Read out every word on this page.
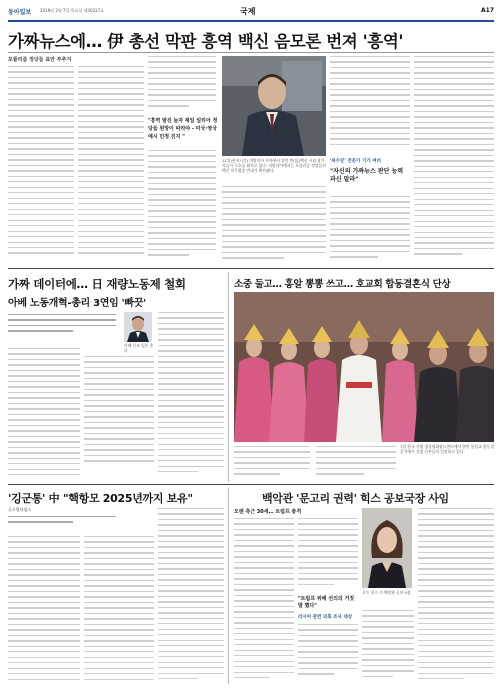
동아일보 2019년 2월 7일 목요일 제30337호	국제	A17
가짜뉴스에… 伊 총선 막판 흥역 백신 음모론 번져 '흥역'
포퓰리즘 정당들 표만 부추겨
"흥역 발진 늘자 제일 일리아 정당들 원망이 따라야 - 미국·영국 예시 민정 진지 "
11일(현지시간) 이탈리아 로마에서 열린 반(反)백신 시위 참가자들이 구호를 외치고 있다. 이탈리아에서는 포퓰리즘 정당들의 백신 의무접종 반대가 확산됐다.
'파수꾼' 전문가 기가 여러
"자신의 가짜뉴스 판단 능력 과신 말라"
가짜 데이터에… 日 재량노동제 철회
아베 노동개혁-총리 3연임 '빠끗'
아베 신조 일본 총리
소중 둘고… 홍알 뽕뽕 쓰고… 호교회 합동결혼식 단상
7일 한국 가평 청심평화월드센터에서 열린 통일교 합동결혼식에서 신랑 신부들이 입장하고 있다.
'깅군통' 中 "핵항모 2025년까지 보유"
글로벌타임스
백악관 '문고리 권력' 힉스 공보국장 사임
오랜 측근 30세… 트럼프 충격
호프 힉스 미 백악관 공보국장
"트럼프 위해 선의의 거짓말 했다"
러시아 관련 의혹 조사 대상
